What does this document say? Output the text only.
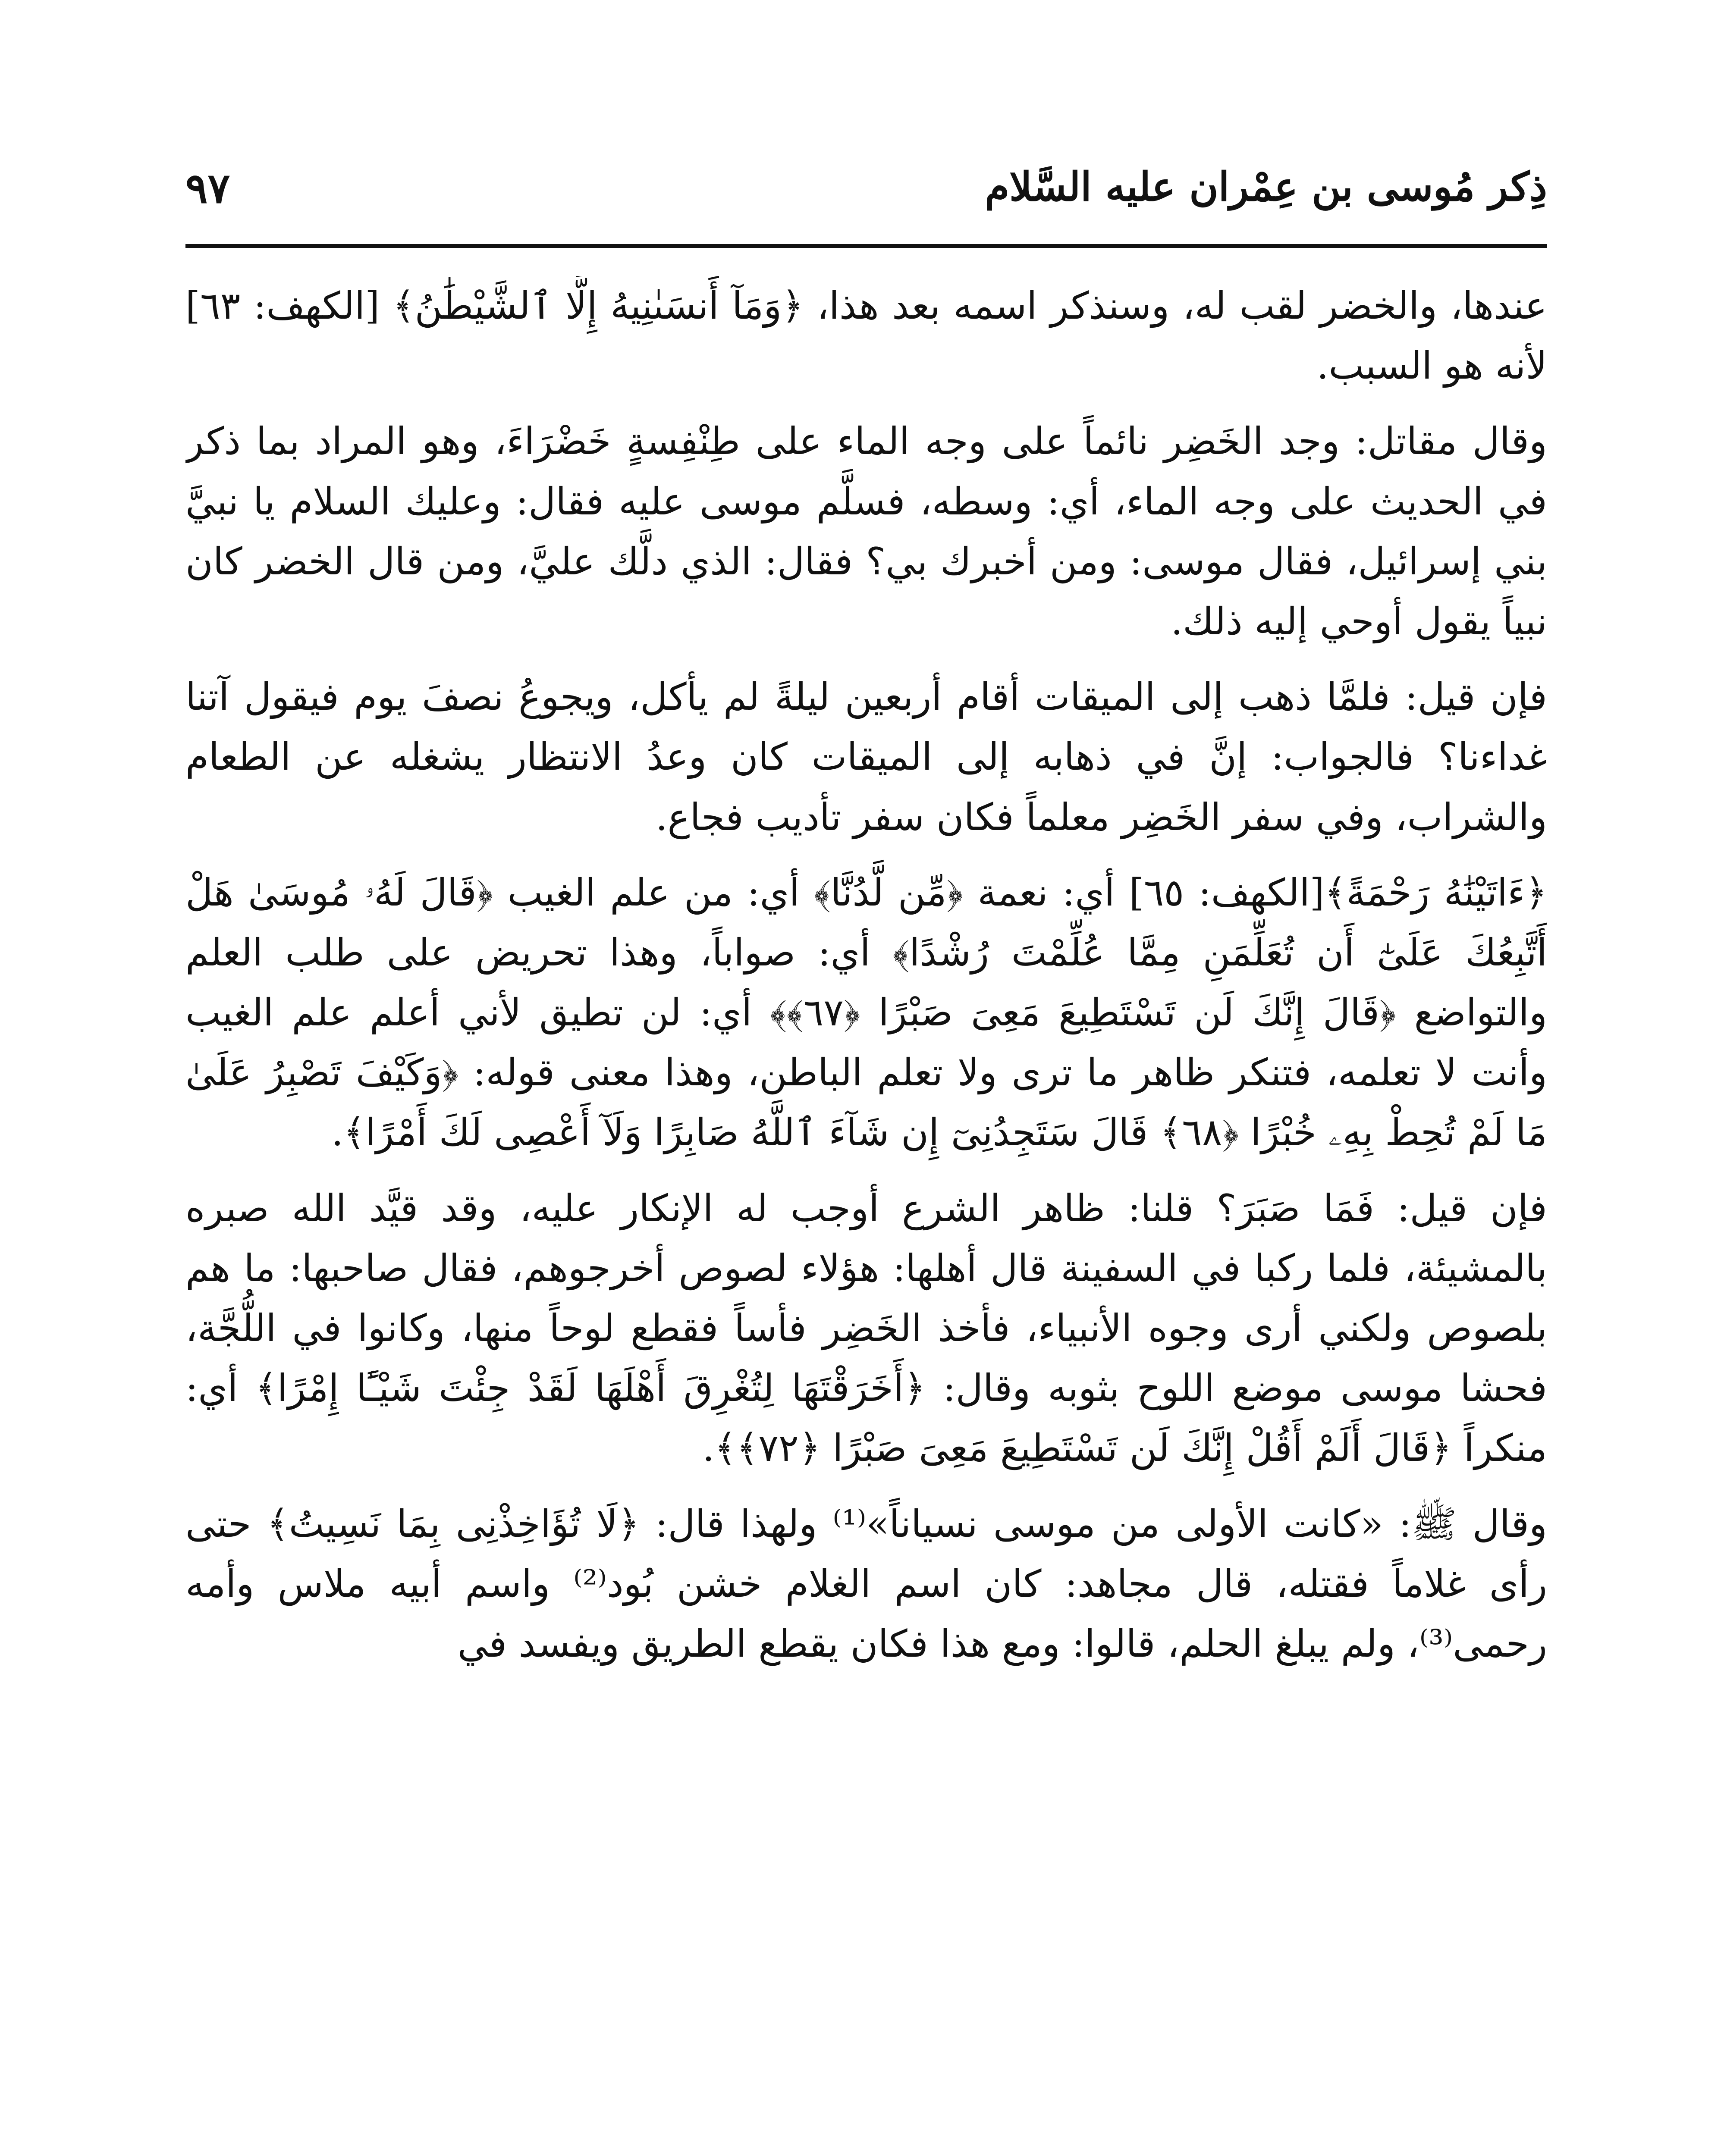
ذِكر مُوسى بن عِمْران عليه السَّلام
٩٧

عندها، والخضر لقب له، وسنذكر اسمه بعد هذا، ﴿وَمَآ أَنسَىٰنِيهُ إِلَّا ٱلشَّيْطَٰنُ﴾ [الكهف: ٦٣] لأنه هو السبب.

وقال مقاتل: وجد الخَضِر نائماً على وجه الماء على طِنْفِسةٍ خَضْرَاءَ، وهو المراد بما ذكر في الحديث على وجه الماء، أي: وسطه، فسلَّم موسى عليه فقال: وعليك السلام يا نبيَّ بني إسرائيل، فقال موسى: ومن أخبرك بي؟ فقال: الذي دلَّك عليَّ، ومن قال الخضر كان نبياً يقول أوحي إليه ذلك.

فإن قيل: فلمَّا ذهب إلى الميقات أقام أربعين ليلةً لم يأكل، ويجوعُ نصفَ يوم فيقول آتنا غداءنا؟ فالجواب: إنَّ في ذهابه إلى الميقات كان وعدُ الانتظار يشغله عن الطعام والشراب، وفي سفر الخَضِر معلماً فكان سفر تأديب فجاع.

﴿ءَاتَيْنَٰهُ رَحْمَةً﴾[الكهف: ٦٥] أي: نعمة ﴿مِّن لَّدُنَّا﴾ أي: من علم الغيب ﴿قَالَ لَهُۥ مُوسَىٰ هَلْ أَتَّبِعُكَ عَلَىٰٓ أَن تُعَلِّمَنِ مِمَّا عُلِّمْتَ رُشْدًا﴾ أي: صواباً، وهذا تحريض على طلب العلم والتواضع ﴿قَالَ إِنَّكَ لَن تَسْتَطِيعَ مَعِىَ صَبْرًا ﴿٦٧﴾﴾ أي: لن تطيق لأني أعلم علم الغيب وأنت لا تعلمه، فتنكر ظاهر ما ترى ولا تعلم الباطن، وهذا معنى قوله: ﴿وَكَيْفَ تَصْبِرُ عَلَىٰ مَا لَمْ تُحِطْ بِهِۦ خُبْرًا ﴿٦٨﴾ قَالَ سَتَجِدُنِىٓ إِن شَآءَ ٱللَّهُ صَابِرًا وَلَآ أَعْصِى لَكَ أَمْرًا﴾.

فإن قيل: فَمَا صَبَرَ؟ قلنا: ظاهر الشرع أوجب له الإنكار عليه، وقد قيَّد الله صبره بالمشيئة، فلما ركبا في السفينة قال أهلها: هؤلاء لصوص أخرجوهم، فقال صاحبها: ما هم بلصوص ولكني أرى وجوه الأنبياء، فأخذ الخَضِر فأساً فقطع لوحاً منها، وكانوا في اللُّجَّة، فحشا موسى موضع اللوح بثوبه وقال: ﴿أَخَرَقْتَهَا لِتُغْرِقَ أَهْلَهَا لَقَدْ جِئْتَ شَيْـًٔا إِمْرًا﴾ أي: منكراً ﴿قَالَ أَلَمْ أَقُلْ إِنَّكَ لَن تَسْتَطِيعَ مَعِىَ صَبْرًا ﴿٧٢﴾﴾.

وقال ﷺ: «كانت الأولى من موسى نسياناً»⁽¹⁾ ولهذا قال: ﴿لَا تُؤَاخِذْنِى بِمَا نَسِيتُ﴾ حتى رأى غلاماً فقتله، قال مجاهد: كان اسم الغلام خشن بُود⁽²⁾ واسم أبيه ملاس وأمه رحمى⁽³⁾، ولم يبلغ الحلم، قالوا: ومع هذا فكان يقطع الطريق ويفسد في
